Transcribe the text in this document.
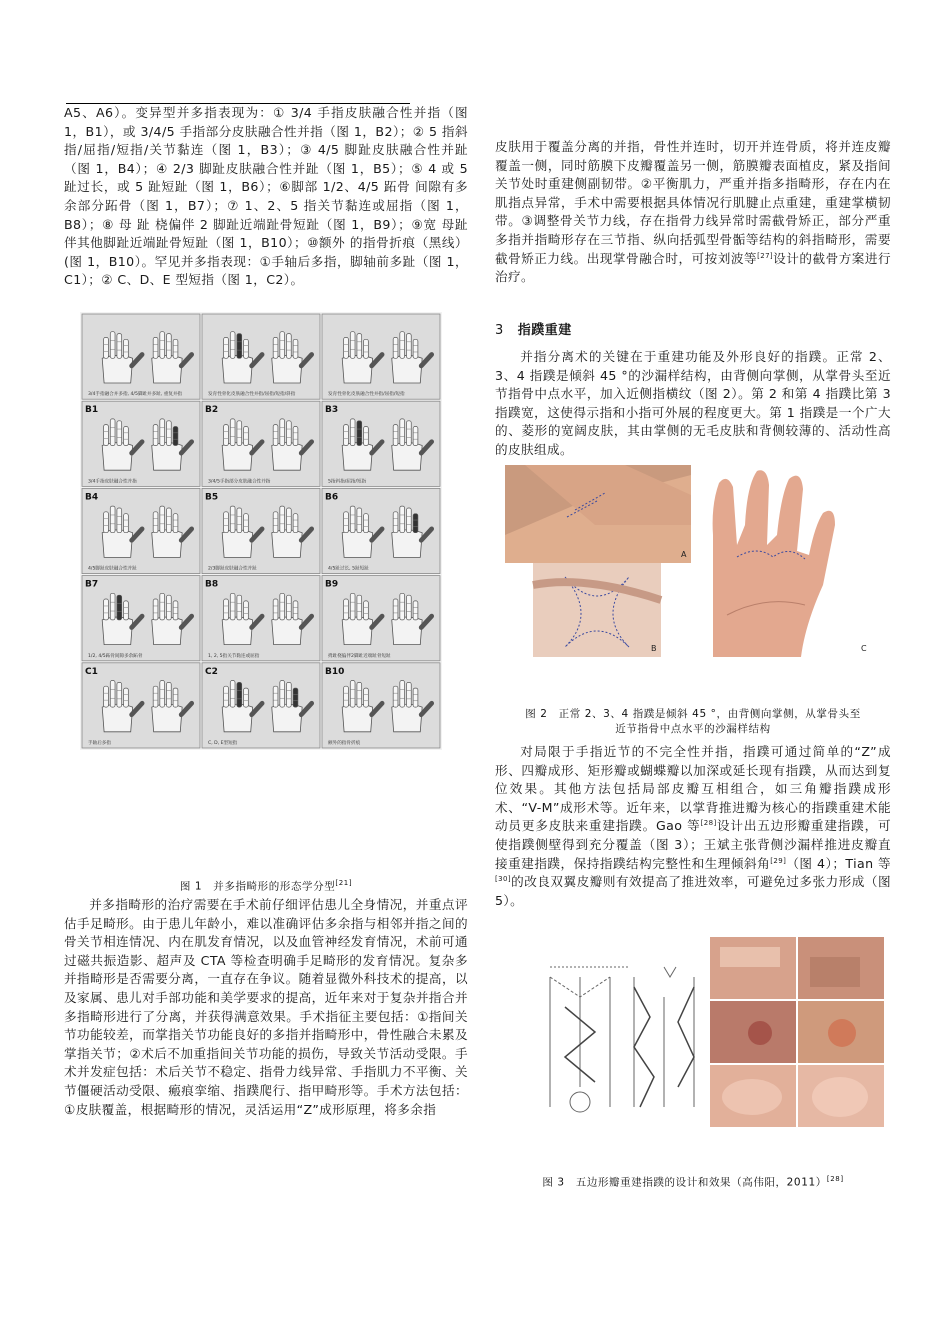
A5、A6）。变异型并多指表现为：① 3/4 手指皮肤融合性并指（图 1，B1），或 3/4/5 手指部分皮肤融合性并指（图 1，B2）；② 5 指斜指/屈指/短指/关节黏连（图 1，B3）；③ 4/5 脚趾皮肤融合性并趾（图 1，B4）；④ 2/3 脚趾皮肤融合性并趾（图 1，B5）；⑤ 4 或 5 趾过长，或 5 趾短趾（图 1，B6）；⑥脚部 1/2、4/5 跖骨 间隙有多余部分跖骨（图 1，B7）；⑦ 1、2、5 指关节黏连或屈指（图 1，B8）；⑧ 母 趾 桡偏伴 2 脚趾近端趾骨短趾（图 1，B9）；⑨宽 母趾伴其他脚趾近端趾骨短趾（图 1，B10）；⑩额外 的指骨折痕（黑线）(图 1，B10）。罕见并多指表现：①手轴后多指，脚轴前多趾（图 1，C1）；② C、D、E 型短指（图 1，C2）。

3/4手指融合并多指, 4/5脚趾并多趾, 重复并指	发育性骨化皮肤融合性并指/屈指/短指/斜指	发育性骨化皮肤融合性并指/屈指/短指
B1
3/4手指皮肤融合性并指
B2
3/4/5手指部分皮肤融合性并指
B3
5指斜指/屈指/短指
B4
4/5脚趾皮肤融合性并趾
B5
2/3脚趾皮肤融合性并趾
B6
4/5趾过长, 5趾短趾
B7
1/2, 4/5跖骨间隙多余跖骨
B8
1, 2, 5指关节黏连或屈指
B9
拇趾桡偏伴2脚趾近端趾骨短趾
C1
手轴后多指
C2
C, D, E型短指
B10
额外的指骨折痕
图 1　并多指畸形的形态学分型[21]

并多指畸形的治疗需要在手术前仔细评估患儿全身情况，并重点评估手足畸形。由于患儿年龄小，难以准确评估多余指与相邻并指之间的骨关节相连情况、内在肌发育情况，以及血管神经发育情况，术前可通过磁共振造影、超声及 CTA 等检查明确手足畸形的发育情况。复杂多并指畸形是否需要分离，一直存在争议。随着显微外科技术的提高，以及家属、患儿对手部功能和美学要求的提高，近年来对于复杂并指合并多指畸形进行了分离，并获得满意效果。手术指征主要包括：①指间关节功能较差，而掌指关节功能良好的多指并指畸形中，骨性融合未累及掌指关节；②术后不加重指间关节功能的损伤，导致关节活动受限。手术并发症包括：术后关节不稳定、指骨力线异常、手指肌力不平衡、关节僵硬活动受限、瘢痕挛缩、指蹼爬行、指甲畸形等。手术方法包括：①皮肤覆盖，根据畸形的情况，灵活运用“Z”成形原理，将多余指

皮肤用于覆盖分离的并指，骨性并连时，切开并连骨质，将并连皮瓣覆盖一侧，同时筋膜下皮瓣覆盖另一侧，筋膜瓣表面植皮，紧及指间关节处时重建侧副韧带。②平衡肌力，严重并指多指畸形，存在内在肌指点异常，手术中需要根据具体情况行肌腱止点重建，重建掌横韧带。③调整骨关节力线，存在指骨力线异常时需截骨矫正，部分严重多指并指畸形存在三节指、纵向括弧型骨骺等结构的斜指畸形，需要截骨矫正力线。出现掌骨融合时，可按刘波等[27]设计的截骨方案进行治疗。

3 指蹼重建

并指分离术的关键在于重建功能及外形良好的指蹼。正常 2、3、4 指蹼是倾斜 45 °的沙漏样结构，由背侧向掌侧，从掌骨头至近节指骨中点水平，加入近侧指横纹（图 2）。第 2 和第 4 指蹼比第 3 指蹼宽，这使得示指和小指可外展的程度更大。第 1 指蹼是一个广大的、菱形的宽阔皮肤，其由掌侧的无毛皮肤和背侧较薄的、活动性高的皮肤组成。

A
B	C
图 2　正常 2、3、4 指蹼是倾斜 45 °，由背侧向掌侧，从掌骨头至
近节指骨中点水平的沙漏样结构

对局限于手指近节的不完全性并指，指蹼可通过简单的“Z”成形、四瓣成形、矩形瓣或蝴蝶瓣以加深或延长现有指蹼，从而达到复位效果。其他方法包括局部皮瓣互相组合，如三角瓣指蹼成形术、“V-M”成形术等。近年来，以掌背推进瓣为核心的指蹼重建术能动员更多皮肤来重建指蹼。Gao 等[28]设计出五边形瓣重建指蹼，可使指蹼侧壁得到充分覆盖（图 3）；王斌主张背侧沙漏样推进皮瓣直接重建指蹼，保持指蹼结构完整性和生理倾斜角[29]（图 4）；Tian 等[30]的改良双翼皮瓣则有效提高了推进效率，可避免过多张力形成（图 5）。

图 3　五边形瓣重建指蹼的设计和效果（高伟阳，2011）[28]
